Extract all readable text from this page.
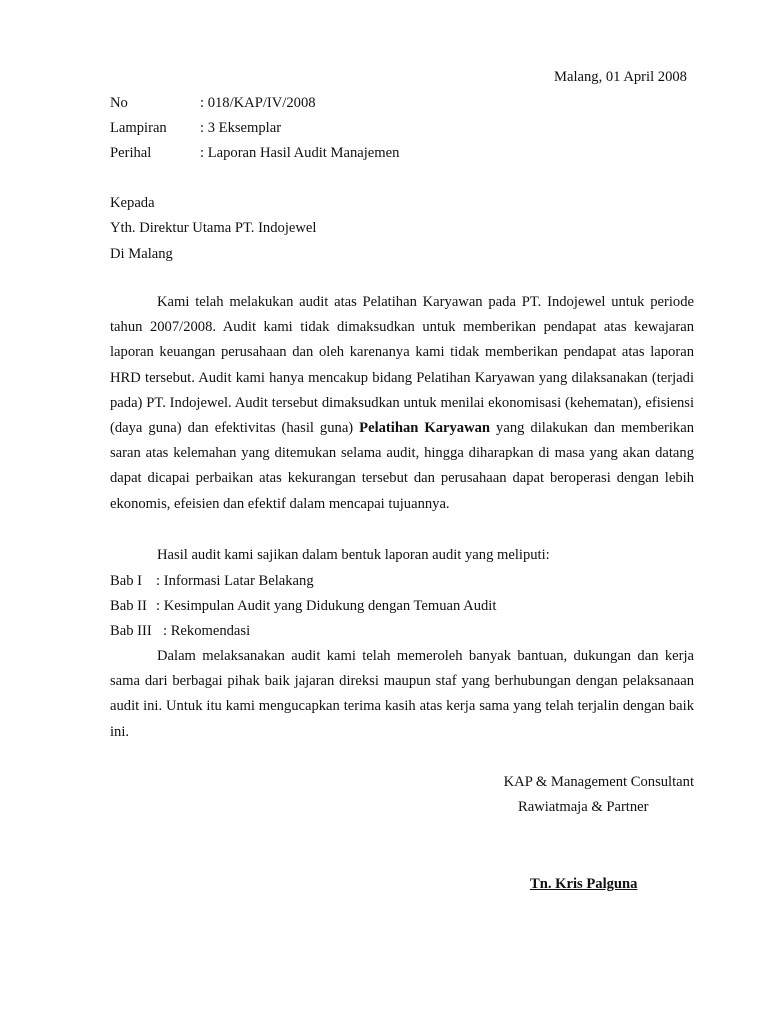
Malang, 01 April 2008
No	: 018/KAP/IV/2008
Lampiran : 3 Eksemplar
Perihal	: Laporan Hasil Audit Manajemen
Kepada
Yth. Direktur Utama PT. Indojewel
Di Malang

Kami telah melakukan audit atas Pelatihan Karyawan pada PT. Indojewel untuk periode tahun 2007/2008. Audit kami tidak dimaksudkan untuk memberikan pendapat atas kewajaran laporan keuangan perusahaan dan oleh karenanya kami tidak memberikan pendapat atas laporan HRD tersebut. Audit kami hanya mencakup bidang Pelatihan Karyawan yang dilaksanakan (terjadi pada) PT. Indojewel. Audit tersebut dimaksudkan untuk menilai ekonomisasi (kehematan), efisiensi (daya guna) dan efektivitas (hasil guna) Pelatihan Karyawan yang dilakukan dan memberikan saran atas kelemahan yang ditemukan selama audit, hingga diharapkan di masa yang akan datang dapat dicapai perbaikan atas kekurangan tersebut dan perusahaan dapat beroperasi dengan lebih ekonomis, efeisien dan efektif dalam mencapai tujuannya.

Hasil audit kami sajikan dalam bentuk laporan audit yang meliputi:

Bab I : Informasi Latar Belakang
Bab II : Kesimpulan Audit yang Didukung dengan Temuan Audit
Bab III : Rekomendasi

Dalam melaksanakan audit kami telah memeroleh banyak bantuan, dukungan dan kerja sama dari berbagai pihak baik jajaran direksi maupun staf yang berhubungan dengan pelaksanaan audit ini. Untuk itu kami mengucapkan terima kasih atas kerja sama yang telah terjalin dengan baik ini.

KAP & Management Consultant
Rawiatmaja & Partner
Tn. Kris Palguna
